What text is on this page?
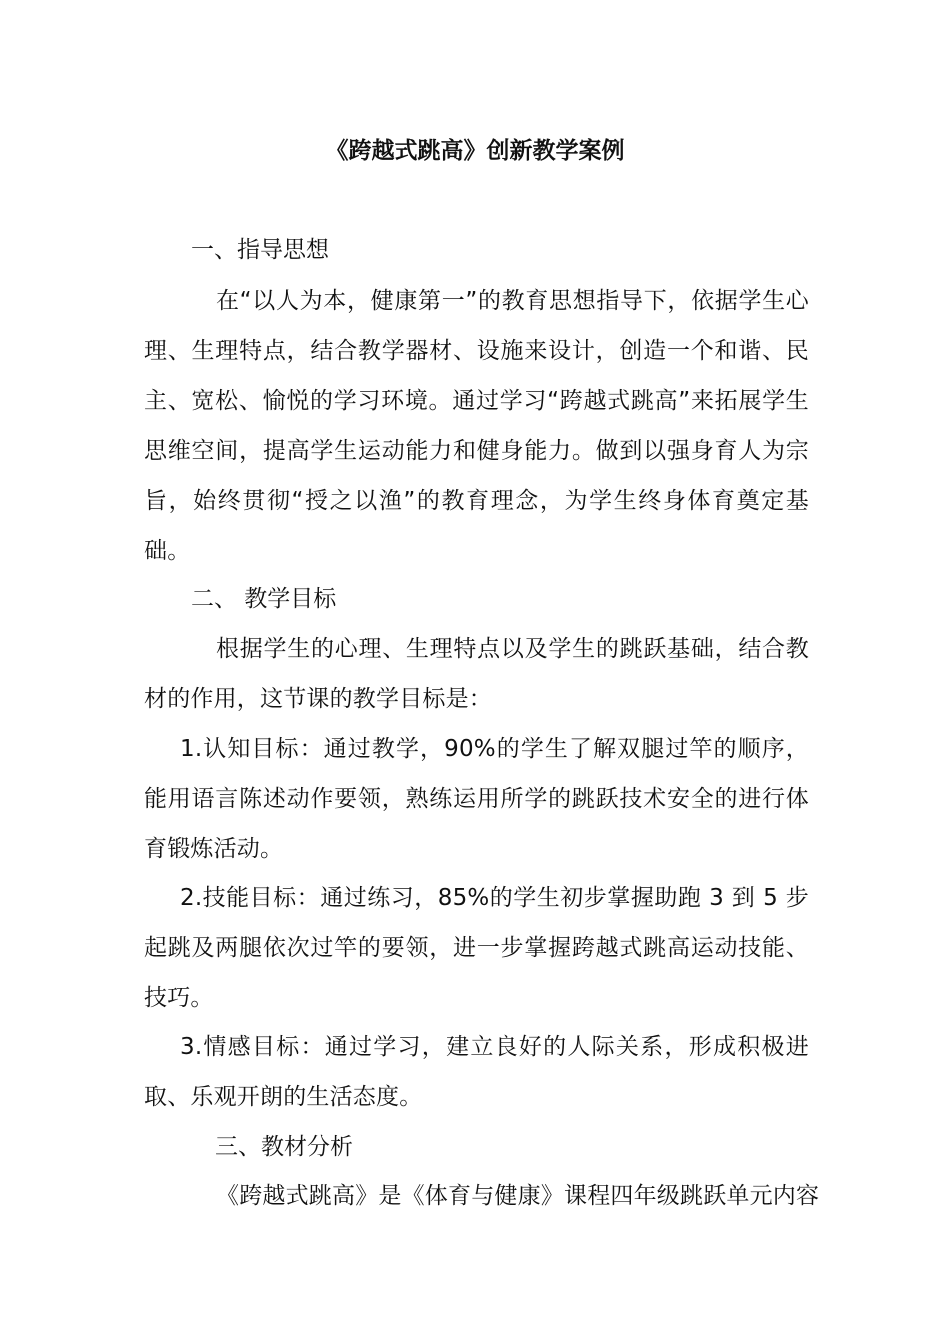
《跨越式跳高》创新教学案例
一、指导思想
在“以人为本，健康第一”的教育思想指导下，依据学生心理、生理特点，结合教学器材、设施来设计，创造一个和谐、民主、宽松、愉悦的学习环境。通过学习“跨越式跳高”来拓展学生思维空间，提高学生运动能力和健身能力。做到以强身育人为宗旨，始终贯彻“授之以渔”的教育理念，为学生终身体育奠定基础。
二、 教学目标
根据学生的心理、生理特点以及学生的跳跃基础，结合教材的作用，这节课的教学目标是：
1.认知目标：通过教学，90%的学生了解双腿过竿的顺序，能用语言陈述动作要领，熟练运用所学的跳跃技术安全的进行体育锻炼活动。
2.技能目标：通过练习，85%的学生初步掌握助跑 3 到 5 步起跳及两腿依次过竿的要领，进一步掌握跨越式跳高运动技能、技巧。
3.情感目标：通过学习，建立良好的人际关系，形成积极进取、乐观开朗的生活态度。
三、教材分析
《跨越式跳高》是《体育与健康》课程四年级跳跃单元内容
